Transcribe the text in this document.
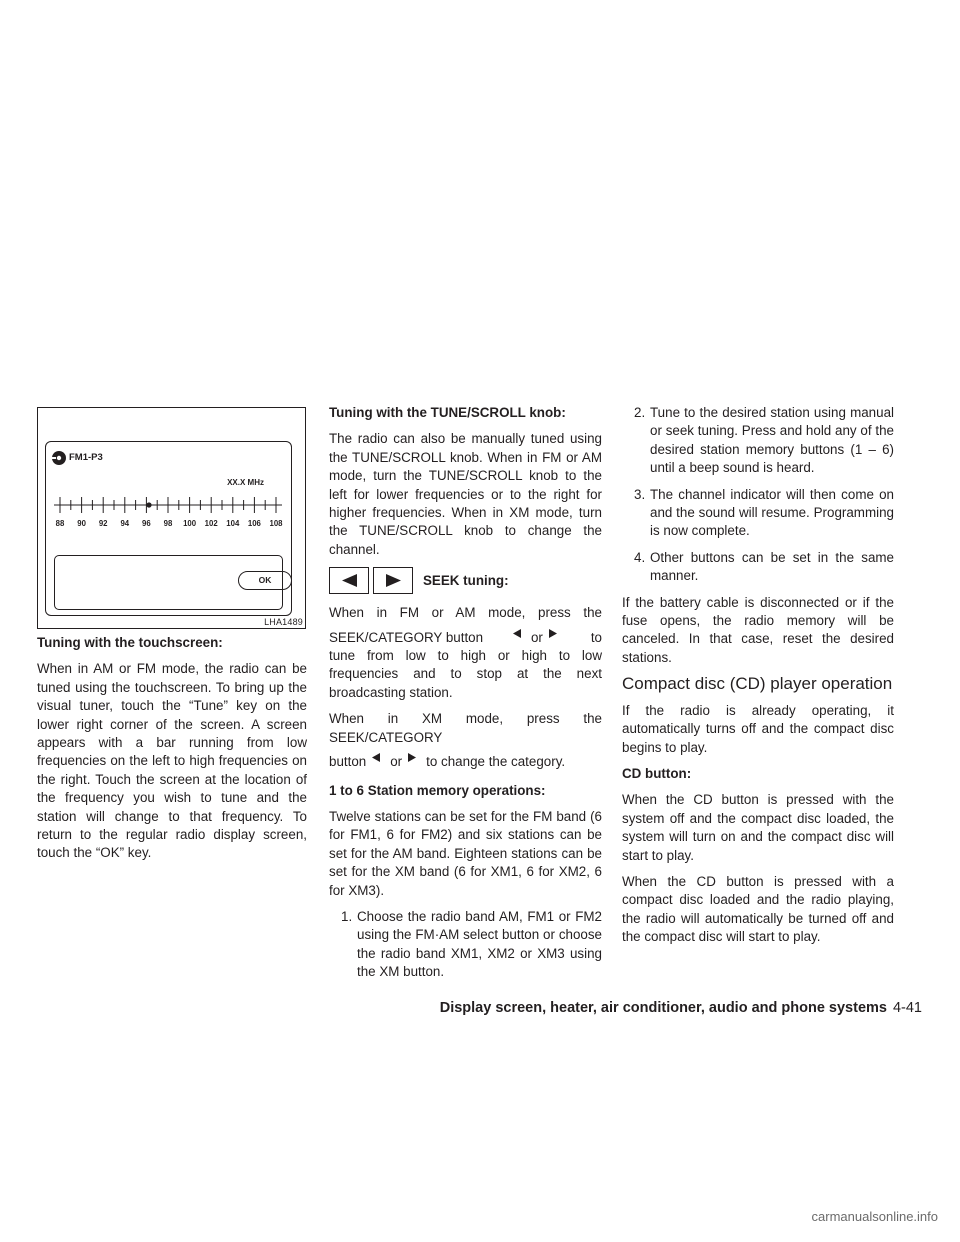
FM1-P3
XX.X MHz
88 90 92 94 96 98 100 102 104 106 108
OK
LHA1489
Tuning with the touchscreen:

When in AM or FM mode, the radio can be tuned using the touchscreen. To bring up the visual tuner, touch the “Tune” key on the lower right corner of the screen. A screen appears with a bar running from low frequencies on the left to high frequencies on the right. Touch the screen at the location of the frequency you wish to tune and the station will change to that frequency. To return to the regular radio display screen, touch the “OK” key.

Tuning with the TUNE/SCROLL knob:

The radio can also be manually tuned using the TUNE/SCROLL knob. When in FM or AM mode, turn the TUNE/SCROLL knob to the left for lower frequencies or to the right for higher frequencies. When in XM mode, turn the TUNE/SCROLL knob to change the channel.

SEEK tuning:

When in FM or AM mode, press the

SEEK/CATEGORY button	or	to

tune from low to high or high to low frequencies and to stop at the next broadcasting station.

When in XM mode, press the SEEK/CATEGORY

button or to change the category.
1 to 6 Station memory operations:

Twelve stations can be set for the FM band (6 for FM1, 6 for FM2) and six stations can be set for the AM band. Eighteen stations can be set for the XM band (6 for XM1, 6 for XM2, 6 for XM3).

1. Choose the radio band AM, FM1 or FM2 using the FM·AM select button or choose the radio band XM1, XM2 or XM3 using the XM button.
2. Tune to the desired station using manual or seek tuning. Press and hold any of the desired station memory buttons (1 – 6) until a beep sound is heard.
3. The channel indicator will then come on and the sound will resume. Programming is now complete.
4. Other buttons can be set in the same manner.

If the battery cable is disconnected or if the fuse opens, the radio memory will be canceled. In that case, reset the desired stations.

Compact disc (CD) player operation

If the radio is already operating, it automatically turns off and the compact disc begins to play.

CD button:

When the CD button is pressed with the system off and the compact disc loaded, the system will turn on and the compact disc will start to play.

When the CD button is pressed with a compact disc loaded and the radio playing, the radio will automatically be turned off and the compact disc will start to play.

Display screen, heater, air conditioner, audio and phone systems 4-41
carmanualsonline.info
